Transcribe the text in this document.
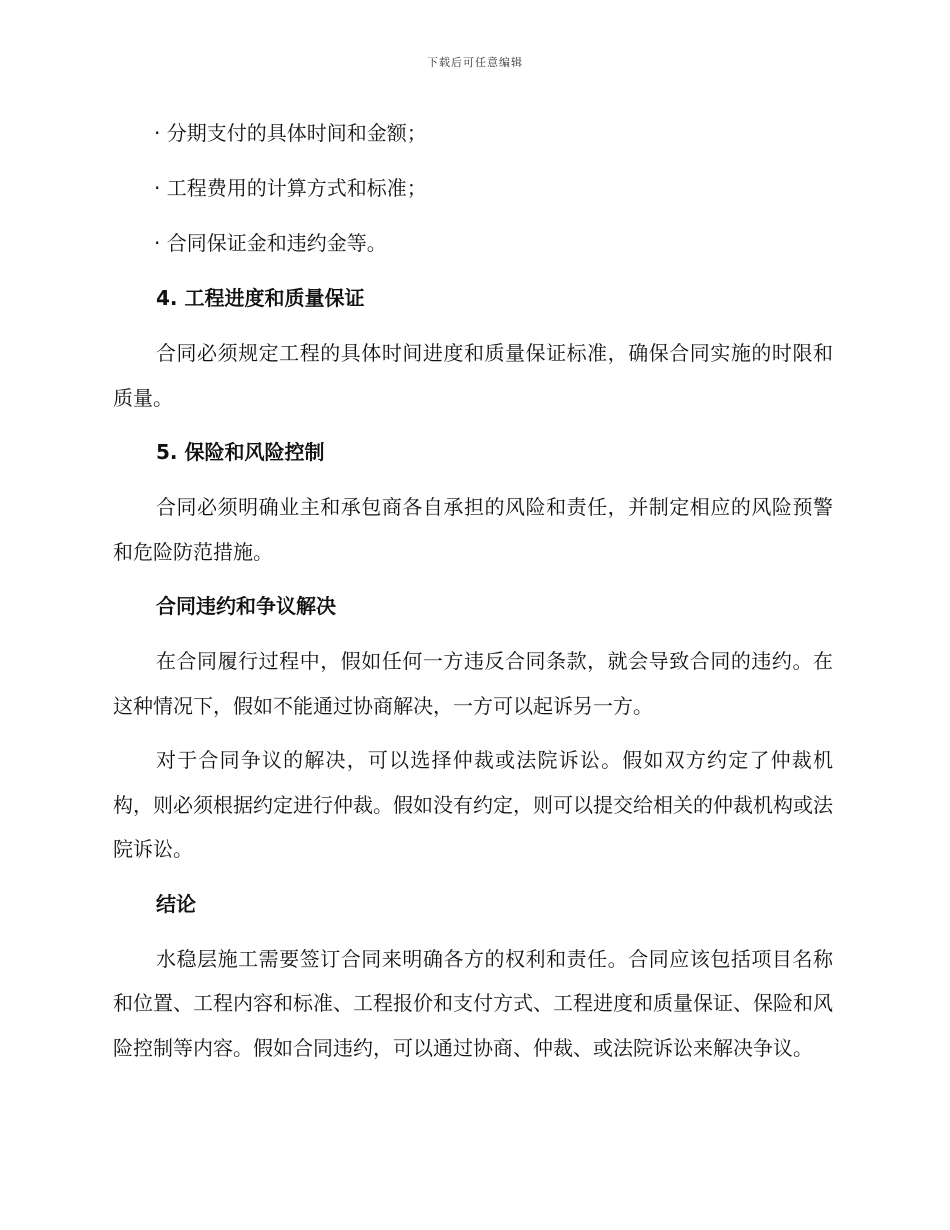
下载后可任意编辑
· 分期支付的具体时间和金额；
· 工程费用的计算方式和标准；
· 合同保证金和违约金等。
4. 工程进度和质量保证

合同必须规定工程的具体时间进度和质量保证标准，确保合同实施的时限和质量。

5. 保险和风险控制

合同必须明确业主和承包商各自承担的风险和责任，并制定相应的风险预警和危险防范措施。

合同违约和争议解决

在合同履行过程中，假如任何一方违反合同条款，就会导致合同的违约。在这种情况下，假如不能通过协商解决，一方可以起诉另一方。

对于合同争议的解决，可以选择仲裁或法院诉讼。假如双方约定了仲裁机构，则必须根据约定进行仲裁。假如没有约定，则可以提交给相关的仲裁机构或法院诉讼。

结论

水稳层施工需要签订合同来明确各方的权利和责任。合同应该包括项目名称和位置、工程内容和标准、工程报价和支付方式、工程进度和质量保证、保险和风险控制等内容。假如合同违约，可以通过协商、仲裁、或法院诉讼来解决争议。
